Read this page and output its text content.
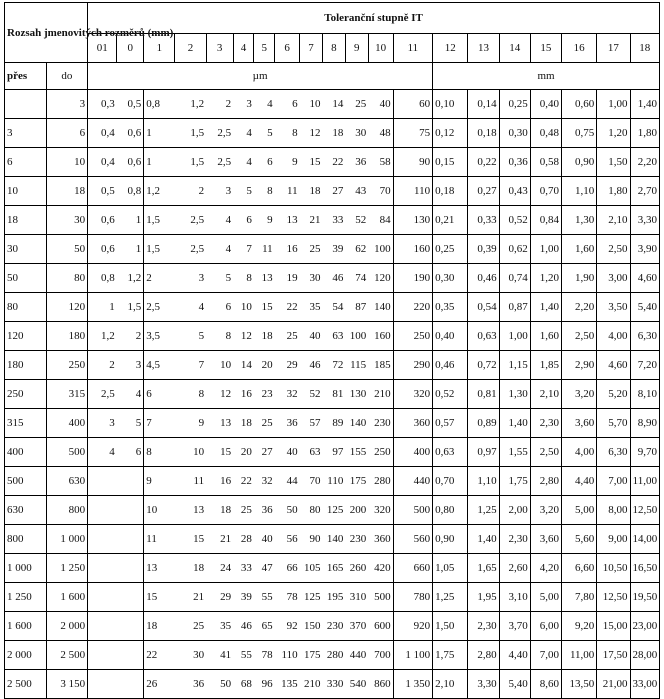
Rozsah jmenovitých rozměrů (mm)		Toleranční stupně IT																			
		01	0	1	2	3	4	5	6	7	8	9	10	11	12	13	14	15	16	17	18
přes	do	µm													mm						
	3	0,3	0,5	0,8	1,2	2	3	4	6	10	14	25	40	60	0,10	0,14	0,25	0,40	0,60	1,00	1,40
3	6	0,4	0,6	1	1,5	2,5	4	5	8	12	18	30	48	75	0,12	0,18	0,30	0,48	0,75	1,20	1,80
6	10	0,4	0,6	1	1,5	2,5	4	6	9	15	22	36	58	90	0,15	0,22	0,36	0,58	0,90	1,50	2,20
10	18	0,5	0,8	1,2	2	3	5	8	11	18	27	43	70	110	0,18	0,27	0,43	0,70	1,10	1,80	2,70
18	30	0,6	1	1,5	2,5	4	6	9	13	21	33	52	84	130	0,21	0,33	0,52	0,84	1,30	2,10	3,30
30	50	0,6	1	1,5	2,5	4	7	11	16	25	39	62	100	160	0,25	0,39	0,62	1,00	1,60	2,50	3,90
50	80	0,8	1,2	2	3	5	8	13	19	30	46	74	120	190	0,30	0,46	0,74	1,20	1,90	3,00	4,60
80	120	1	1,5	2,5	4	6	10	15	22	35	54	87	140	220	0,35	0,54	0,87	1,40	2,20	3,50	5,40
120	180	1,2	2	3,5	5	8	12	18	25	40	63	100	160	250	0,40	0,63	1,00	1,60	2,50	4,00	6,30
180	250	2	3	4,5	7	10	14	20	29	46	72	115	185	290	0,46	0,72	1,15	1,85	2,90	4,60	7,20
250	315	2,5	4	6	8	12	16	23	32	52	81	130	210	320	0,52	0,81	1,30	2,10	3,20	5,20	8,10
315	400	3	5	7	9	13	18	25	36	57	89	140	230	360	0,57	0,89	1,40	2,30	3,60	5,70	8,90
400	500	4	6	8	10	15	20	27	40	63	97	155	250	400	0,63	0,97	1,55	2,50	4,00	6,30	9,70
500	630			9	11	16	22	32	44	70	110	175	280	440	0,70	1,10	1,75	2,80	4,40	7,00	11,00
630	800			10	13	18	25	36	50	80	125	200	320	500	0,80	1,25	2,00	3,20	5,00	8,00	12,50
800	1 000			11	15	21	28	40	56	90	140	230	360	560	0,90	1,40	2,30	3,60	5,60	9,00	14,00
1 000	1 250			13	18	24	33	47	66	105	165	260	420	660	1,05	1,65	2,60	4,20	6,60	10,50	16,50
1 250	1 600			15	21	29	39	55	78	125	195	310	500	780	1,25	1,95	3,10	5,00	7,80	12,50	19,50
1 600	2 000			18	25	35	46	65	92	150	230	370	600	920	1,50	2,30	3,70	6,00	9,20	15,00	23,00
2 000	2 500			22	30	41	55	78	110	175	280	440	700	1 100	1,75	2,80	4,40	7,00	11,00	17,50	28,00
2 500	3 150			26	36	50	68	96	135	210	330	540	860	1 350	2,10	3,30	5,40	8,60	13,50	21,00	33,00
